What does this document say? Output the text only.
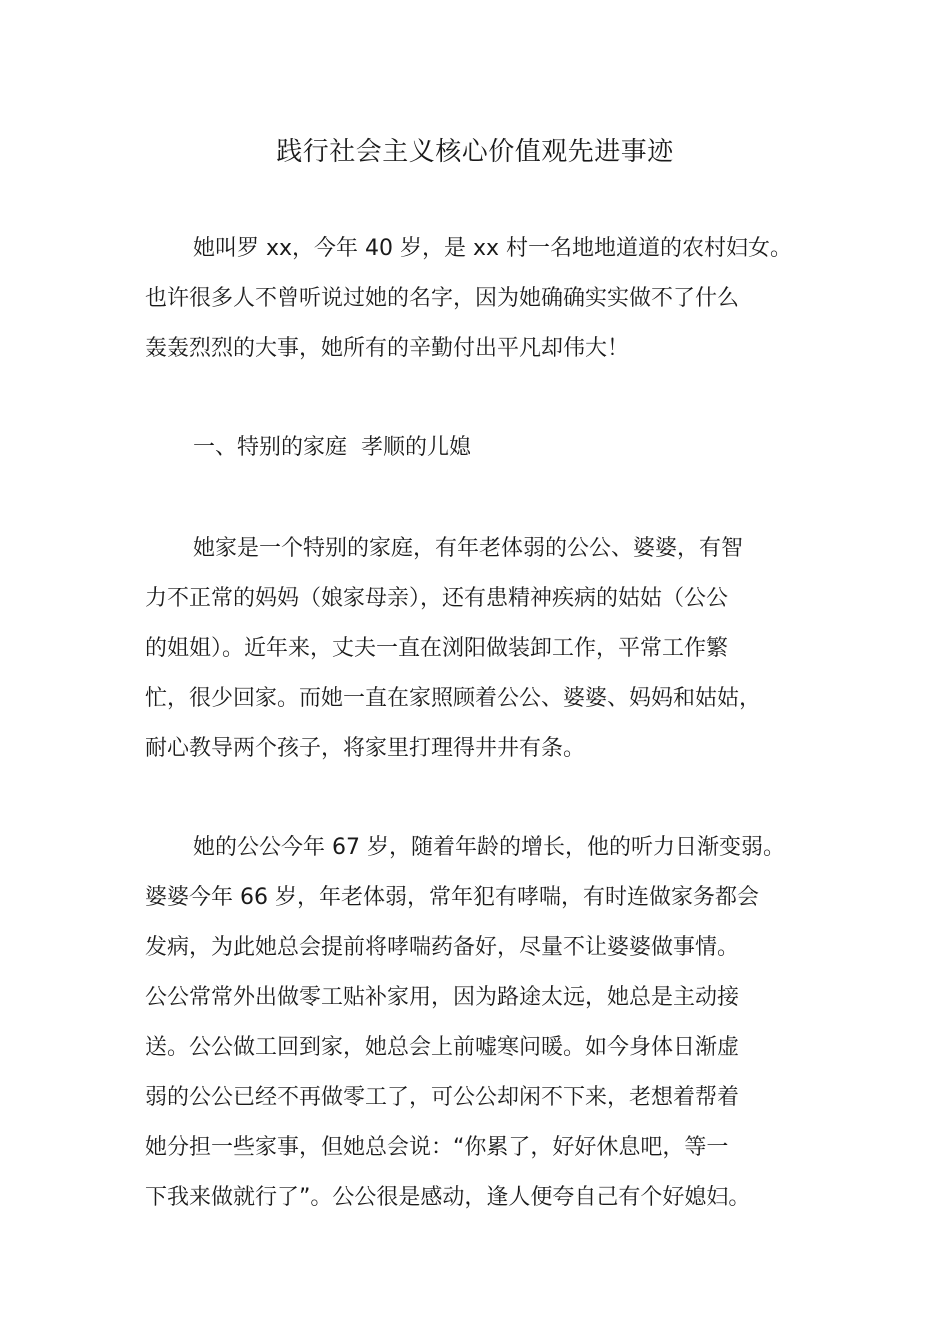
践行社会主义核心价值观先进事迹
她叫罗 xx，今年 40 岁，是 xx 村一名地地道道的农村妇女。
也许很多人不曾听说过她的名字，因为她确确实实做不了什么
轰轰烈烈的大事，她所有的辛勤付出平凡却伟大！
一、特别的家庭  孝顺的儿媳
她家是一个特别的家庭，有年老体弱的公公、婆婆，有智
力不正常的妈妈（娘家母亲），还有患精神疾病的姑姑（公公
的姐姐）。近年来，丈夫一直在浏阳做装卸工作，平常工作繁
忙，很少回家。而她一直在家照顾着公公、婆婆、妈妈和姑姑，
耐心教导两个孩子，将家里打理得井井有条。
她的公公今年 67 岁，随着年龄的增长，他的听力日渐变弱。
婆婆今年 66 岁，年老体弱，常年犯有哮喘，有时连做家务都会
发病，为此她总会提前将哮喘药备好，尽量不让婆婆做事情。
公公常常外出做零工贴补家用，因为路途太远，她总是主动接
送。公公做工回到家，她总会上前嘘寒问暖。如今身体日渐虚
弱的公公已经不再做零工了，可公公却闲不下来，老想着帮着
她分担一些家事，但她总会说：“你累了，好好休息吧，等一
下我来做就行了”。公公很是感动，逢人便夸自己有个好媳妇。
